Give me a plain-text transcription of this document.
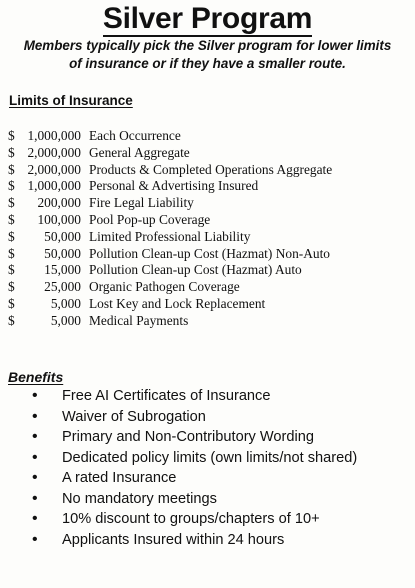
Silver Program
Members typically pick the Silver program for lower limits
of insurance or if they have a smaller route.
Limits of Insurance
$ 1,000,000 Each Occurrence
$ 2,000,000 General Aggregate
$ 2,000,000 Products & Completed Operations Aggregate
$ 1,000,000 Personal & Advertising Insured
$ 200,000 Fire Legal Liability
$ 100,000 Pool Pop-up Coverage
$ 50,000 Limited Professional Liability
$ 50,000 Pollution Clean-up Cost (Hazmat) Non-Auto
$ 15,000 Pollution Clean-up Cost (Hazmat) Auto
$ 25,000 Organic Pathogen Coverage
$	5,000 Lost Key and Lock Replacement
$	5,000 Medical Payments
Benefits
• Free AI Certificates of Insurance
• Waiver of Subrogation
• Primary and Non-Contributory Wording
• Dedicated policy limits (own limits/not shared)
• A rated Insurance
• No mandatory meetings
• 10% discount to groups/chapters of 10+
• Applicants Insured within 24 hours
